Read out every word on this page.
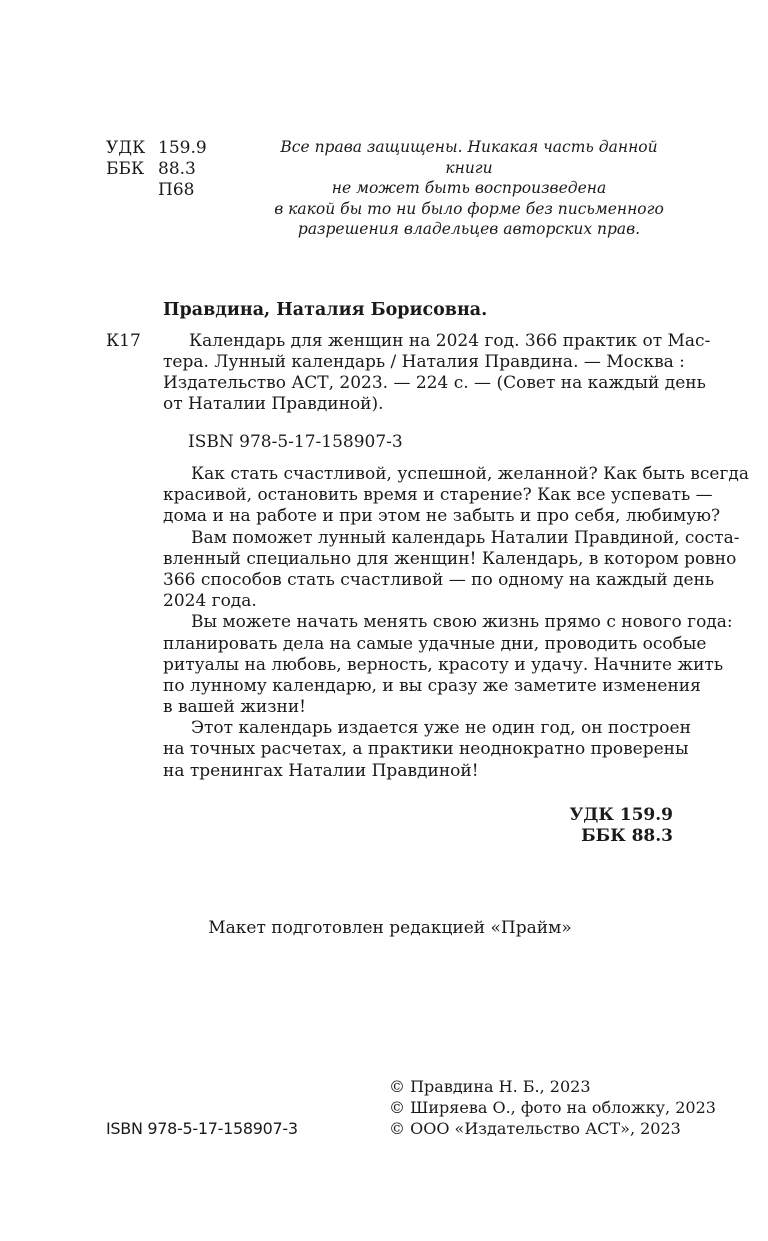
УДК 159.9
ББК 88.3
П68
Все права защищены. Никакая часть данной книги
не может быть воспроизведена
в какой бы то ни было форме без письменного
разрешения владельцев авторских прав.
Правдина, Наталия Борисовна.
К17	Календарь для женщин на 2024 год. 366 практик от Мас-
тера. Лунный календарь / Наталия Правдина. — Москва :
Издательство АСТ, 2023. — 224 с. — (Совет на каждый день
от Наталии Правдиной).
ISBN 978-5-17-158907-3
Как стать счастливой, успешной, желанной? Как быть всегда
красивой, остановить время и старение? Как все успевать —
дома и на работе и при этом не забыть и про себя, любимую?
Вам поможет лунный календарь Наталии Правдиной, соста-
вленный специально для женщин! Календарь, в котором ровно
366 способов стать счастливой — по одному на каждый день
2024 года.
Вы можете начать менять свою жизнь прямо с нового года:
планировать дела на самые удачные дни, проводить особые
ритуалы на любовь, верность, красоту и удачу. Начните жить
по лунному календарю, и вы сразу же заметите изменения
в вашей жизни!
Этот календарь издается уже не один год, он построен
на точных расчетах, а практики неоднократно проверены
на тренингах Наталии Правдиной!
УДК 159.9
ББК 88.3
Макет подготовлен редакцией «Прайм»
© Правдина Н. Б., 2023
© Ширяева О., фото на обложку, 2023
© ООО «Издательство АСТ», 2023
ISBN 978-5-17-158907-3
